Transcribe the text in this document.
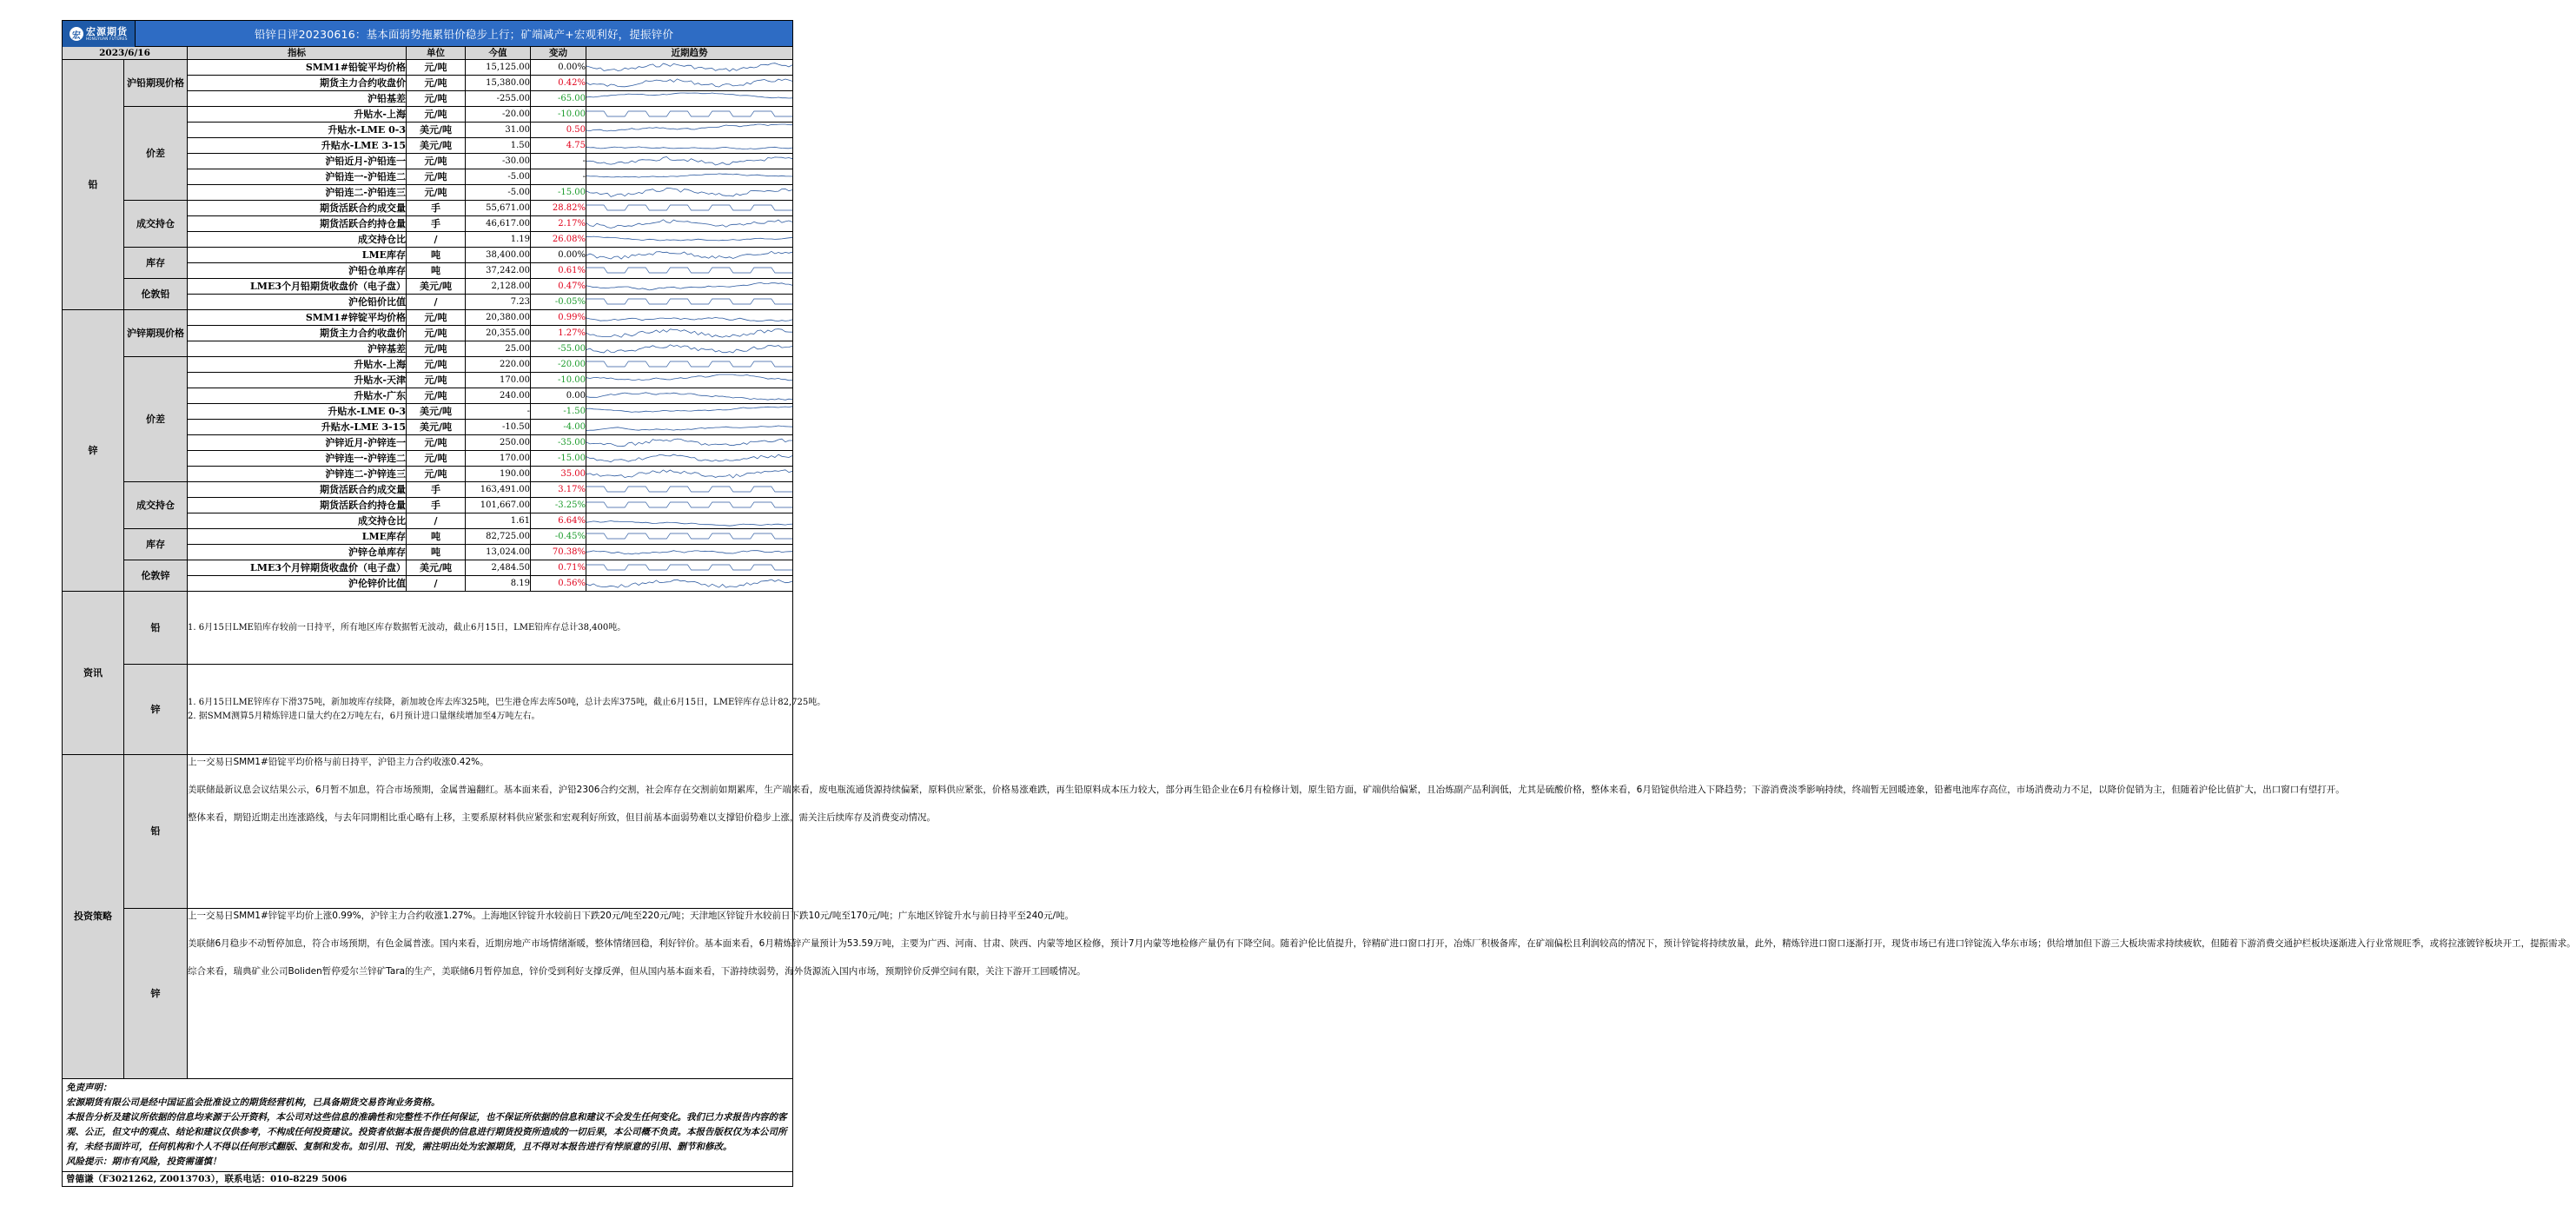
宏 宏源期货
HONGYUAN FUTURES	铅锌日评20230616：基本面弱势拖累铅价稳步上行；矿端减产+宏观利好，提振锌价
2023/6/16		指标	单位	今值	变动	近期趋势
铅	沪铅期现价格	SMM1#铅锭平均价格	元/吨	15,125.00	0.00%	

		期货主力合约收盘价	元/吨	15,380.00	0.42%	

		沪铅基差	元/吨	-255.00	-65.00	

	价差	升贴水-上海	元/吨	-20.00	-10.00	

		升贴水-LME 0-3	美元/吨	31.00	0.50	

		升贴水-LME 3-15	美元/吨	1.50	4.75	

		沪铅近月-沪铅连一	元/吨	-30.00	-	

		沪铅连一-沪铅连二	元/吨	-5.00	-	

		沪铅连二-沪铅连三	元/吨	-5.00	-15.00	

	成交持仓	期货活跃合约成交量	手	55,671.00	28.82%	

		期货活跃合约持仓量	手	46,617.00	2.17%	

		成交持仓比	/	1.19	26.08%	

	库存	LME库存	吨	38,400.00	0.00%	

		沪铅仓单库存	吨	37,242.00	0.61%	

	伦敦铅	LME3个月铅期货收盘价（电子盘）	美元/吨	2,128.00	0.47%	

		沪伦铅价比值	/	7.23	-0.05%	

锌	沪锌期现价格	SMM1#锌锭平均价格	元/吨	20,380.00	0.99%	

		期货主力合约收盘价	元/吨	20,355.00	1.27%	

		沪锌基差	元/吨	25.00	-55.00	

	价差	升贴水-上海	元/吨	220.00	-20.00	

		升贴水-天津	元/吨	170.00	-10.00	

		升贴水-广东	元/吨	240.00	0.00	

		升贴水-LME 0-3	美元/吨	-	-1.50	

		升贴水-LME 3-15	美元/吨	-10.50	-4.00	

		沪锌近月-沪锌连一	元/吨	250.00	-35.00	

		沪锌连一-沪锌连二	元/吨	170.00	-15.00	

		沪锌连二-沪锌连三	元/吨	190.00	35.00	

	成交持仓	期货活跃合约成交量	手	163,491.00	3.17%	

		期货活跃合约持仓量	手	101,667.00	-3.25%	

		成交持仓比	/	1.61	6.64%	

	库存	LME库存	吨	82,725.00	-0.45%	

		沪锌仓单库存	吨	13,024.00	70.38%	

	伦敦锌	LME3个月锌期货收盘价（电子盘）	美元/吨	2,484.50	0.71%	

		沪伦锌价比值	/	8.19	0.56%	

资讯	铅	1. 6月15日LME铅库存较前一日持平，所有地区库存数据暂无波动，截止6月15日，LME铅库存总计38,400吨。				
	锌	1. 6月15日LME锌库存下滑375吨，新加坡库存续降，新加坡仓库去库325吨，巴生港仓库去库50吨，总计去库375吨，截止6月15日，LME锌库存总计82,725吨。
2. 据SMM测算5月精炼锌进口量大约在2万吨左右，6月预计进口量继续增加至4万吨左右。				

投资策略	铅	上一交易日SMM1#铅锭平均价格与前日持平，沪铅主力合约收涨0.42%。

美联储最新议息会议结果公示，6月暂不加息，符合市场预期，金属普遍翻红。基本面来看，沪铅2306合约交割，社会库存在交割前如期累库，生产端来看，废电瓶流通货源持续偏紧，原料供应紧张，价格易涨难跌，再生铅原料成本压力较大，部分再生铅企业在6月有检修计划，原生铅方面，矿端供给偏紧，且冶炼副产品利润低，尤其是硫酸价格，整体来看，6月铅锭供给进入下降趋势；下游消费淡季影响持续，终端暂无回暖迹象，铅蓄电池库存高位，市场消费动力不足，以降价促销为主，但随着沪伦比值扩大，出口窗口有望打开。

整体来看，期铅近期走出连涨路线，与去年同期相比重心略有上移，主要系原材料供应紧张和宏观利好所致，但目前基本面弱势难以支撑铅价稳步上涨，需关注后续库存及消费变动情况。				

	锌	上一交易日SMM1#锌锭平均价上涨0.99%，沪锌主力合约收涨1.27%。上海地区锌锭升水较前日下跌20元/吨至220元/吨；天津地区锌锭升水较前日下跌10元/吨至170元/吨；广东地区锌锭升水与前日持平至240元/吨。

美联储6月稳步不动暂停加息，符合市场预期，有色金属普涨。国内来看，近期房地产市场情绪渐暖，整体情绪回稳，利好锌价。基本面来看，6月精炼锌产量预计为53.59万吨，主要为广西、河南、甘肃、陕西、内蒙等地区检修，预计7月内蒙等地检修产量仍有下降空间。随着沪伦比值提升，锌精矿进口窗口打开，冶炼厂积极备库，在矿端偏松且利润较高的情况下，预计锌锭将持续放量，此外，精炼锌进口窗口逐渐打开，现货市场已有进口锌锭流入华东市场；供给增加但下游三大板块需求持续疲软，但随着下游消费交通护栏板块逐渐进入行业常规旺季，或将拉涨镀锌板块开工，提振需求。

综合来看，瑞典矿业公司Boliden暂停爱尔兰锌矿Tara的生产，美联储6月暂停加息，锌价受到利好支撑反弹，但从国内基本面来看，下游持续弱势，海外货源流入国内市场，预期锌价反弹空间有限，关注下游开工回暖情况。				

免责声明：
宏源期货有限公司是经中国证监会批准设立的期货经营机构，已具备期货交易咨询业务资格。
本报告分析及建议所依据的信息均来源于公开资料，本公司对这些信息的准确性和完整性不作任何保证，也不保证所依据的信息和建议不会发生任何变化。我们已力求报告内容的客观、公正，但文中的观点、结论和建议仅供参考，不构成任何投资建议。投资者依据本报告提供的信息进行期货投资所造成的一切后果，本公司概不负责。本报告版权仅为本公司所有，未经书面许可，任何机构和个人不得以任何形式翻版、复制和发布。如引用、刊发，需注明出处为宏源期货，且不得对本报告进行有悖原意的引用、删节和修改。
风险提示：期市有风险，投资需谨慎！
曾德谦（F3021262, Z0013703），联系电话：010-8229 5006
